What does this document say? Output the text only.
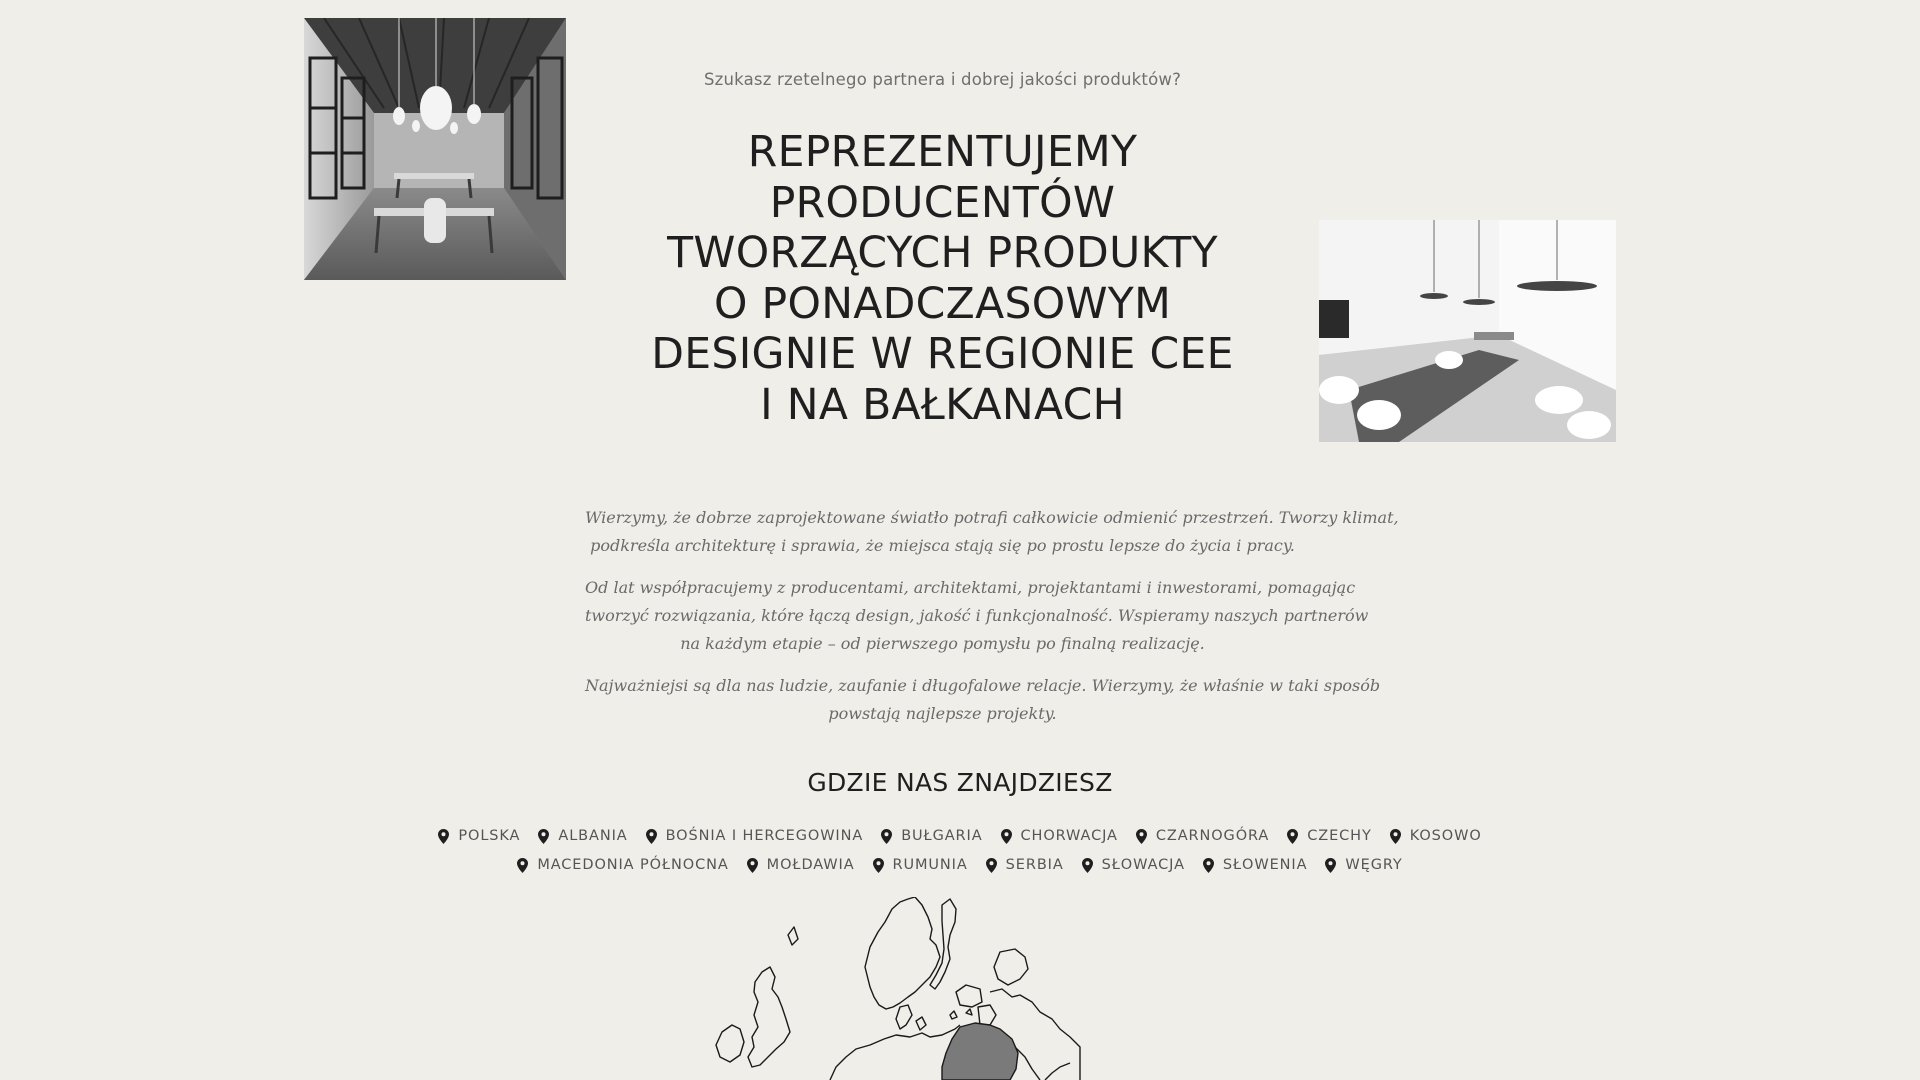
Szukasz rzetelnego partnera i dobrej jakości produktów?
REPREZENTUJEMY
PRODUCENTÓW
TWORZĄCYCH PRODUKTY
O PONADCZASOWYM
DESIGNIE W REGIONIE CEE
I NA BAŁKANACH

Wierzymy, że dobrze zaprojektowane światło potrafi całkowicie odmienić przestrzeń. Tworzy klimat,
podkreśla architekturę i sprawia, że miejsca stają się po prostu lepsze do życia i pracy.

Od lat współpracujemy z producentami, architektami, projektantami i inwestorami, pomagając
tworzyć rozwiązania, które łączą design, jakość i funkcjonalność. Wspieramy naszych partnerów
na każdym etapie – od pierwszego pomysłu po finalną realizację.

Najważniejsi są dla nas ludzie, zaufanie i długofalowe relacje. Wierzymy, że właśnie w taki sposób
powstają najlepsze projekty.

GDZIE NAS ZNAJDZIESZ
POLSKA	ALBANIA	BOŚNIA I HERCEGOWINA	BUŁGARIA	CHORWACJA	CZARNOGÓRA	CZECHY	KOSOWO
MACEDONIA PÓŁNOCNA	MOŁDAWIA	RUMUNIA	SERBIA	SŁOWACJA	SŁOWENIA	WĘGRY
